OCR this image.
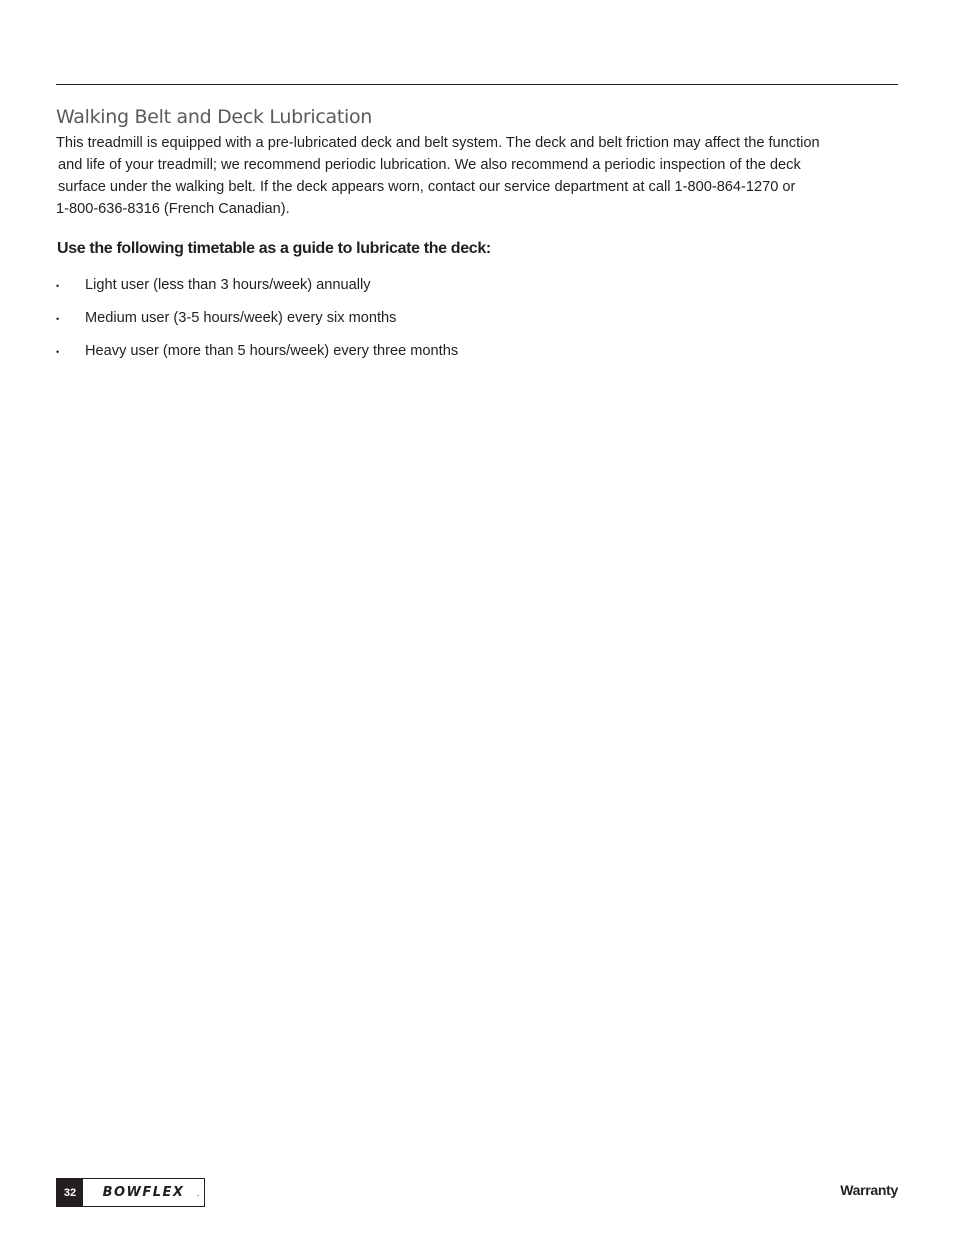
Walking Belt and Deck Lubrication

This treadmill is equipped with a pre-lubricated deck and belt system. The deck and belt friction may affect the function
and life of your treadmill; we recommend periodic lubrication. We also recommend a periodic inspection of the deck
surface under the walking belt. If the deck appears worn, contact our service department at call 1-800-864-1270 or
1-800-636-8316 (French Canadian).

Use the following timetable as a guide to lubricate the deck:
• Light user (less than 3 hours/week) annually
• Medium user (3-5 hours/week) every six months
• Heavy user (more than 5 hours/week) every three months
32	BOWFLEX	.	Warranty
